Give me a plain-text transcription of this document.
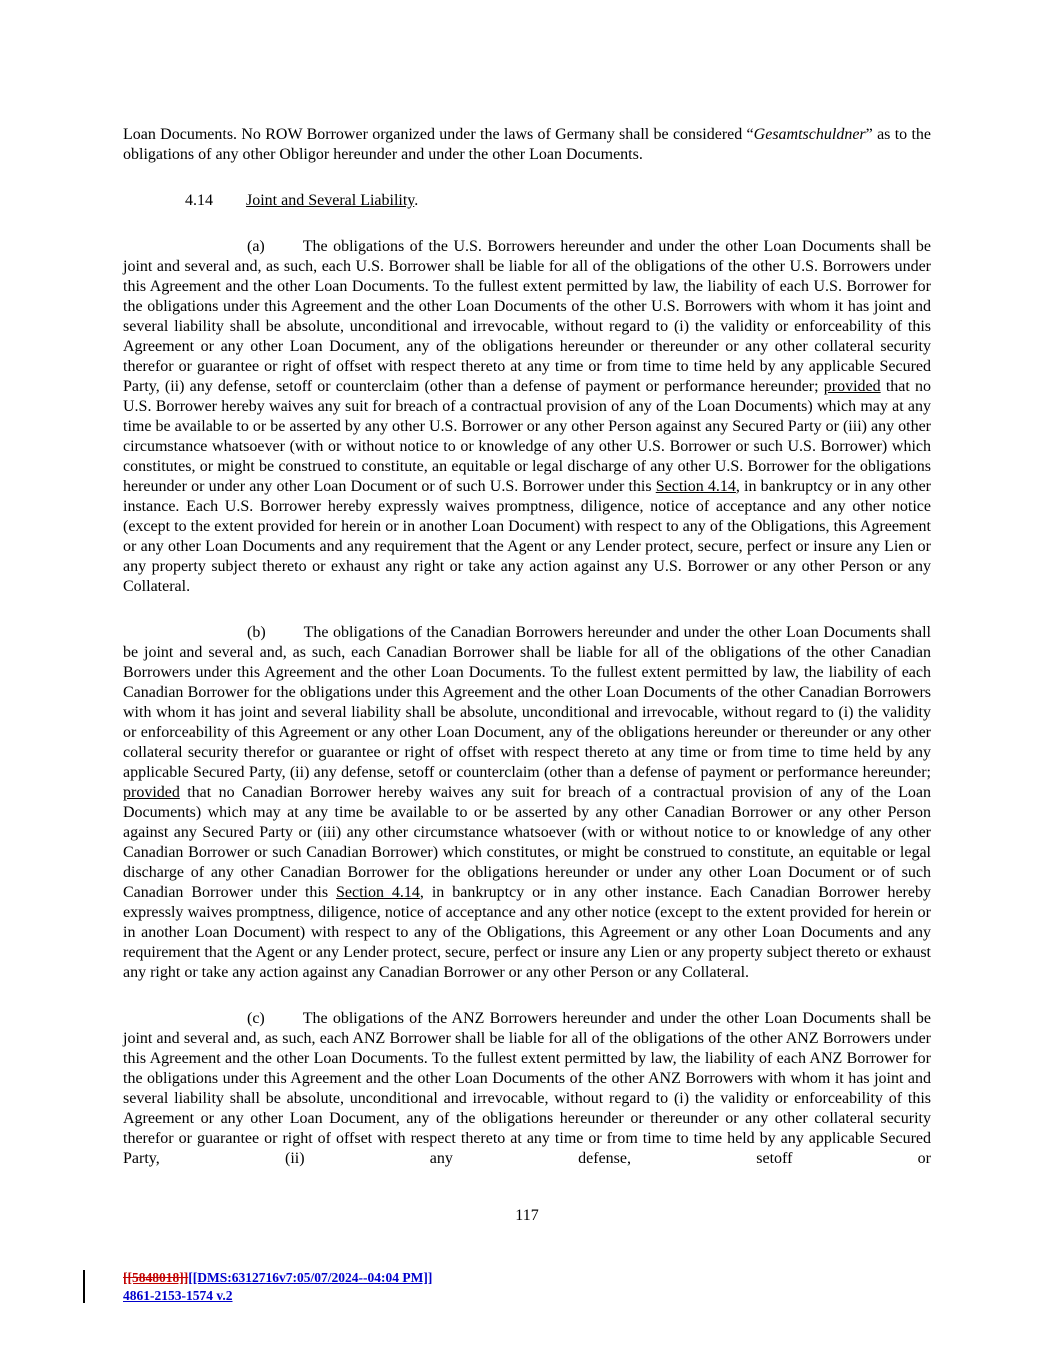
Loan Documents. No ROW Borrower organized under the laws of Germany shall be considered “Gesamtschuldner” as to the obligations of any other Obligor hereunder and under the other Loan Documents.

4.14 Joint and Several Liability.

(a) The obligations of the U.S. Borrowers hereunder and under the other Loan Documents shall be joint and several and, as such, each U.S. Borrower shall be liable for all of the obligations of the other U.S. Borrowers under this Agreement and the other Loan Documents. To the fullest extent permitted by law, the liability of each U.S. Borrower for the obligations under this Agreement and the other Loan Documents of the other U.S. Borrowers with whom it has joint and several liability shall be absolute, unconditional and irrevocable, without regard to (i) the validity or enforceability of this Agreement or any other Loan Document, any of the obligations hereunder or thereunder or any other collateral security therefor or guarantee or right of offset with respect thereto at any time or from time to time held by any applicable Secured Party, (ii) any defense, setoff or counterclaim (other than a defense of payment or performance hereunder; provided that no U.S. Borrower hereby waives any suit for breach of a contractual provision of any of the Loan Documents) which may at any time be available to or be asserted by any other U.S. Borrower or any other Person against any Secured Party or (iii) any other circumstance whatsoever (with or without notice to or knowledge of any other U.S. Borrower or such U.S. Borrower) which constitutes, or might be construed to constitute, an equitable or legal discharge of any other U.S. Borrower for the obligations hereunder or under any other Loan Document or of such U.S. Borrower under this Section 4.14, in bankruptcy or in any other instance. Each U.S. Borrower hereby expressly waives promptness, diligence, notice of acceptance and any other notice (except to the extent provided for herein or in another Loan Document) with respect to any of the Obligations, this Agreement or any other Loan Documents and any requirement that the Agent or any Lender protect, secure, perfect or insure any Lien or any property subject thereto or exhaust any right or take any action against any U.S. Borrower or any other Person or any Collateral.

(b) The obligations of the Canadian Borrowers hereunder and under the other Loan Documents shall be joint and several and, as such, each Canadian Borrower shall be liable for all of the obligations of the other Canadian Borrowers under this Agreement and the other Loan Documents. To the fullest extent permitted by law, the liability of each Canadian Borrower for the obligations under this Agreement and the other Loan Documents of the other Canadian Borrowers with whom it has joint and several liability shall be absolute, unconditional and irrevocable, without regard to (i) the validity or enforceability of this Agreement or any other Loan Document, any of the obligations hereunder or thereunder or any other collateral security therefor or guarantee or right of offset with respect thereto at any time or from time to time held by any applicable Secured Party, (ii) any defense, setoff or counterclaim (other than a defense of payment or performance hereunder; provided that no Canadian Borrower hereby waives any suit for breach of a contractual provision of any of the Loan Documents) which may at any time be available to or be asserted by any other Canadian Borrower or any other Person against any Secured Party or (iii) any other circumstance whatsoever (with or without notice to or knowledge of any other Canadian Borrower or such Canadian Borrower) which constitutes, or might be construed to constitute, an equitable or legal discharge of any other Canadian Borrower for the obligations hereunder or under any other Loan Document or of such Canadian Borrower under this Section 4.14, in bankruptcy or in any other instance. Each Canadian Borrower hereby expressly waives promptness, diligence, notice of acceptance and any other notice (except to the extent provided for herein or in another Loan Document) with respect to any of the Obligations, this Agreement or any other Loan Documents and any requirement that the Agent or any Lender protect, secure, perfect or insure any Lien or any property subject thereto or exhaust any right or take any action against any Canadian Borrower or any other Person or any Collateral.

(c) The obligations of the ANZ Borrowers hereunder and under the other Loan Documents shall be joint and several and, as such, each ANZ Borrower shall be liable for all of the obligations of the other ANZ Borrowers under this Agreement and the other Loan Documents. To the fullest extent permitted by law, the liability of each ANZ Borrower for the obligations under this Agreement and the other Loan Documents of the other ANZ Borrowers with whom it has joint and several liability shall be absolute, unconditional and irrevocable, without regard to (i) the validity or enforceability of this Agreement or any other Loan Document, any of the obligations hereunder or thereunder or any other collateral security therefor or guarantee or right of offset with respect thereto at any time or from time to time held by any applicable Secured Party, (ii) any defense, setoff or

117
[[5848018]][[DMS:6312716v7:05/07/2024--04:04 PM]]
4861-2153-1574 v.2
